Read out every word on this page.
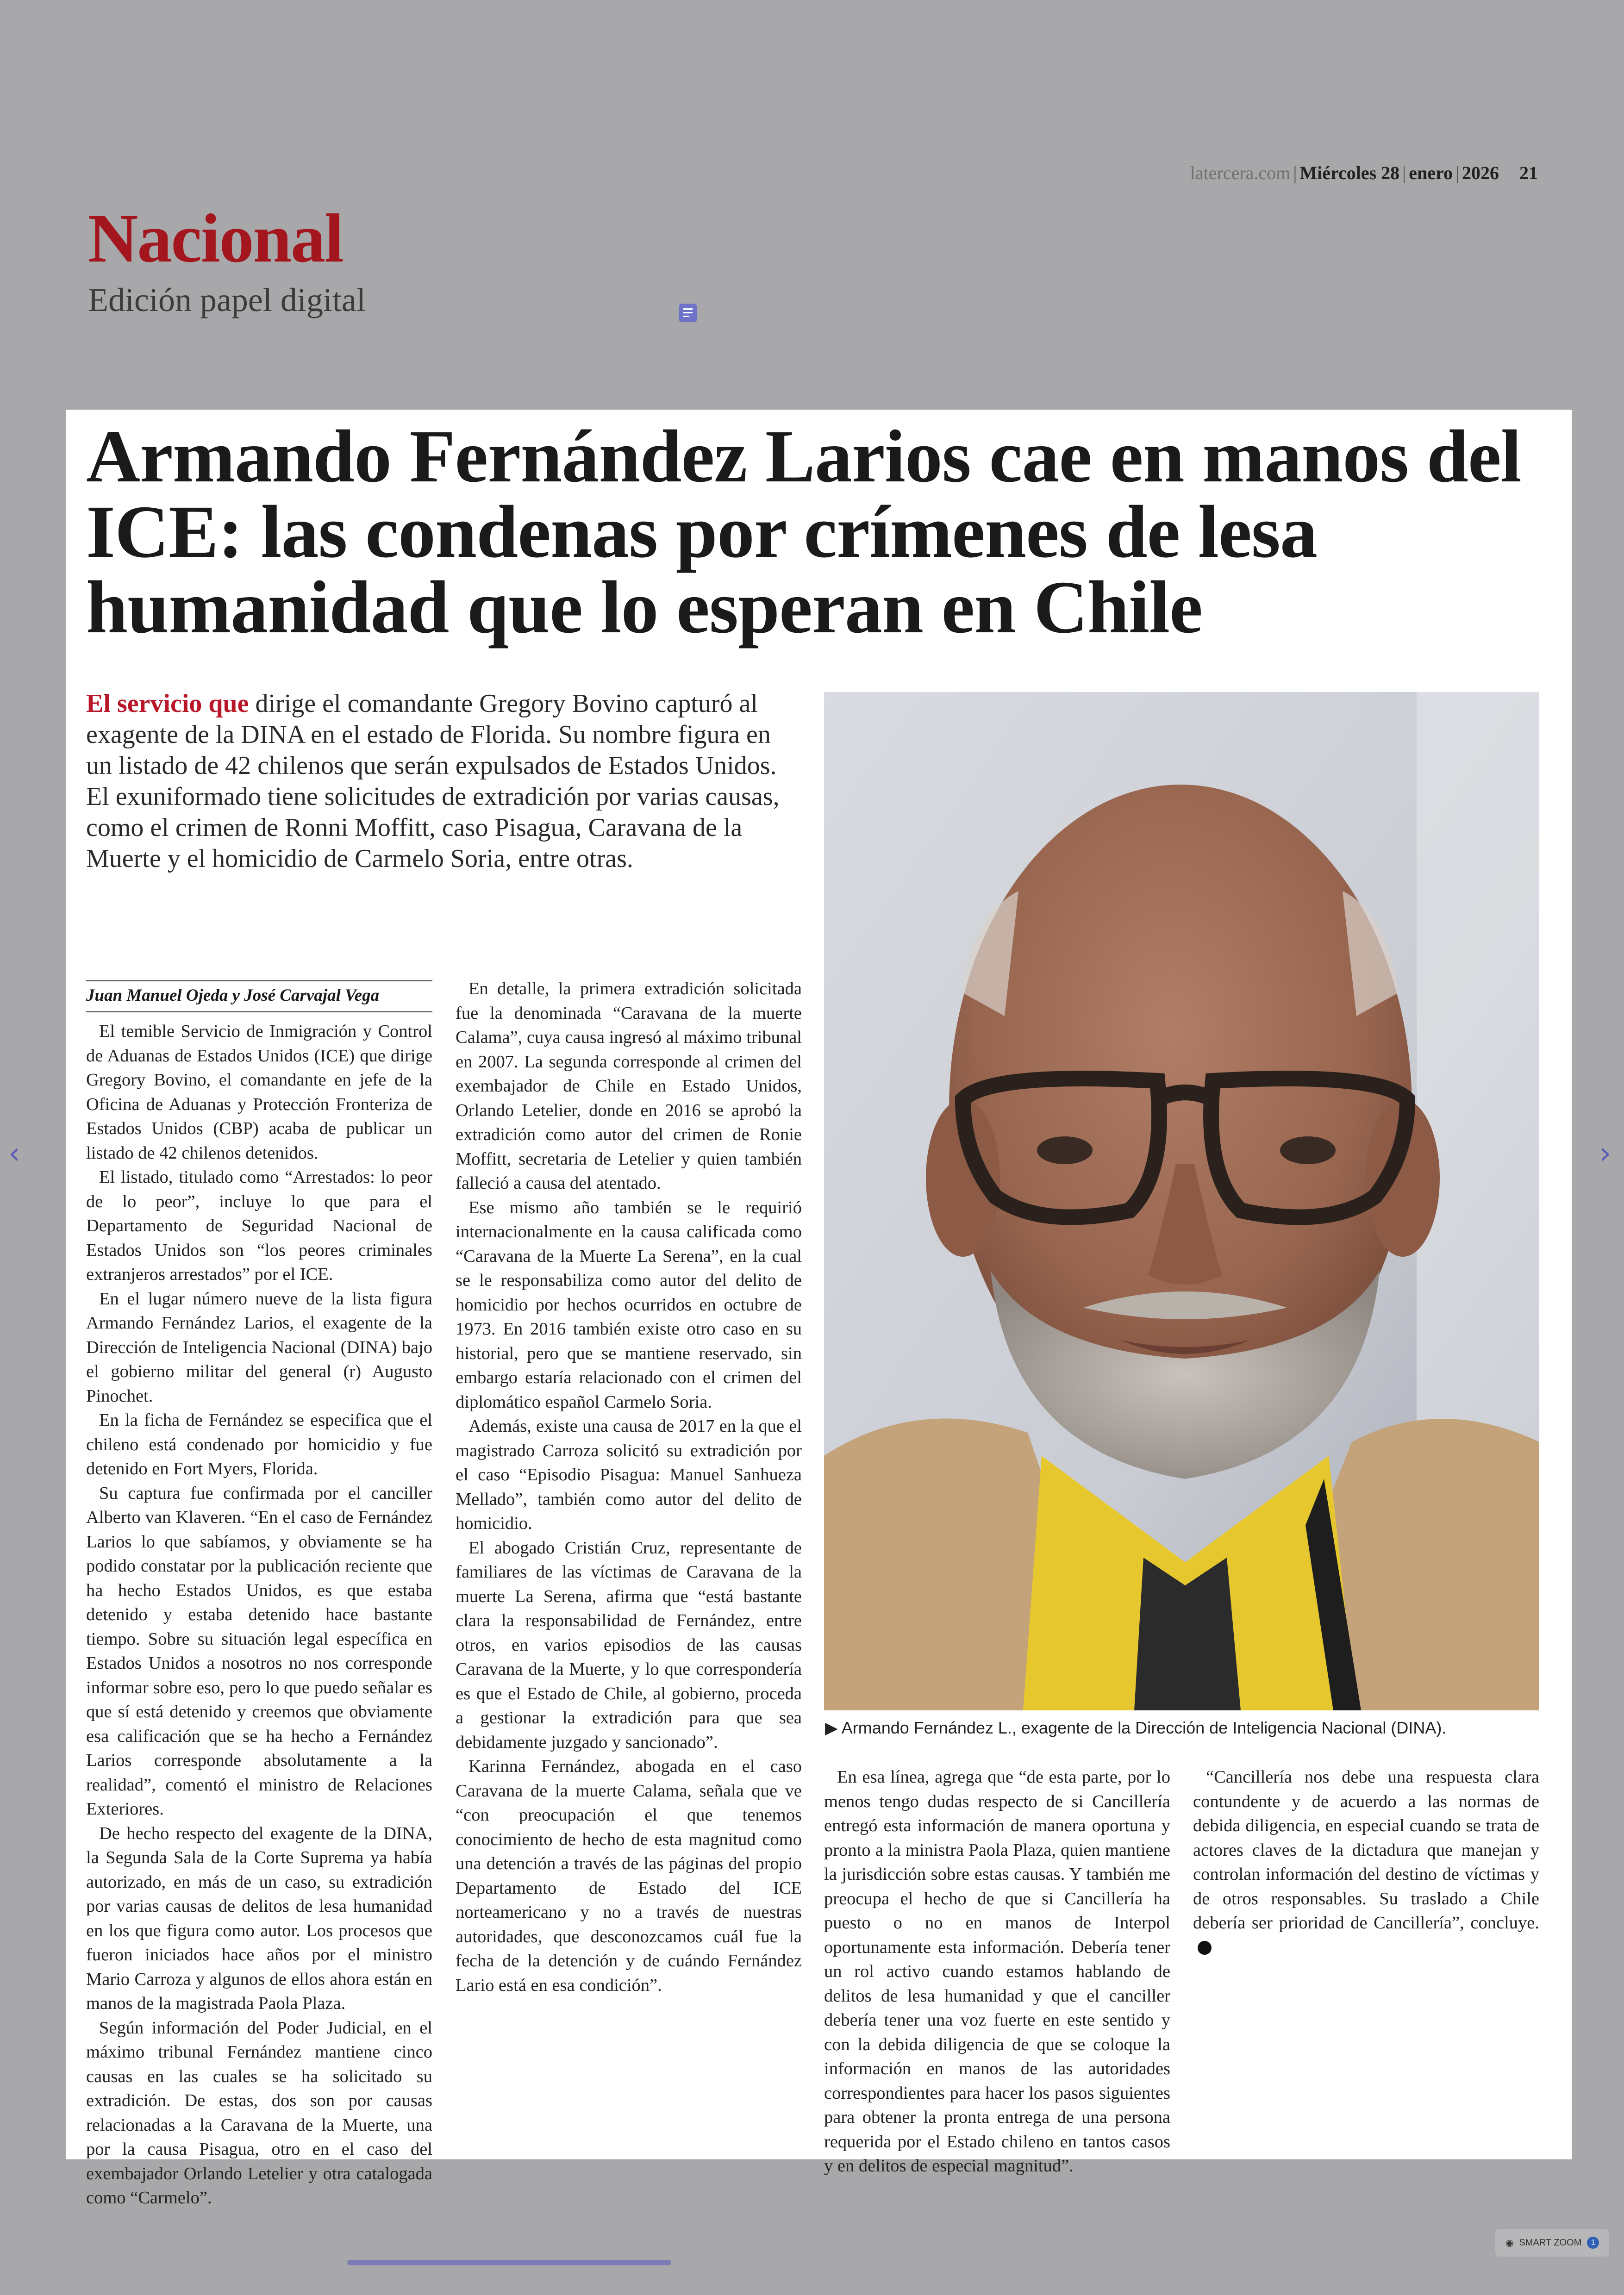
Nacional
Edición papel digital
latercera.com | Miércoles 28 | enero | 2026 21
Armando Fernández Larios cae en manos del ICE: las condenas por crímenes de lesa humanidad que lo esperan en Chile

El servicio que dirige el comandante Gregory Bovino capturó al exagente de la DINA en el estado de Florida. Su nombre figura en un listado de 42 chilenos que serán expulsados de Estados Unidos. El exuniformado tiene solicitudes de extradición por varias causas, como el crimen de Ronni Moffitt, caso Pisagua, Caravana de la Muerte y el homicidio de Carmelo Soria, entre otras.

▶ Armando Fernández L., exagente de la Dirección de Inteligencia Nacional (DINA).
Juan Manuel Ojeda y José Carvajal Vega

El temible Servicio de Inmigración y Control de Aduanas de Estados Unidos (ICE) que dirige Gregory Bovino, el comandante en jefe de la Oficina de Aduanas y Protección Fronteriza de Estados Unidos (CBP) acaba de publicar un listado de 42 chilenos detenidos.

El listado, titulado como “Arrestados: lo peor de lo peor”, incluye lo que para el Departamento de Seguridad Nacional de Estados Unidos son “los peores criminales extranjeros arrestados” por el ICE.

En el lugar número nueve de la lista figura Armando Fernández Larios, el exagente de la Dirección de Inteligencia Nacional (DINA) bajo el gobierno militar del general (r) Augusto Pinochet.

En la ficha de Fernández se especifica que el chileno está condenado por homicidio y fue detenido en Fort Myers, Florida.

Su captura fue confirmada por el canciller Alberto van Klaveren. “En el caso de Fernández Larios lo que sabíamos, y obviamente se ha podido constatar por la publicación reciente que ha hecho Estados Unidos, es que estaba detenido y estaba detenido hace bastante tiempo. Sobre su situación legal específica en Estados Unidos a nosotros no nos corresponde informar sobre eso, pero lo que puedo señalar es que sí está detenido y creemos que obviamente esa calificación que se ha hecho a Fernández Larios corresponde absolutamente a la realidad”, comentó el ministro de Relaciones Exteriores.

De hecho respecto del exagente de la DINA, la Segunda Sala de la Corte Suprema ya había autorizado, en más de un caso, su extradición por varias causas de delitos de lesa humanidad en los que figura como autor. Los procesos que fueron iniciados hace años por el ministro Mario Carroza y algunos de ellos ahora están en manos de la magistrada Paola Plaza.

Según información del Poder Judicial, en el máximo tribunal Fernández mantiene cinco causas en las cuales se ha solicitado su extradición. De estas, dos son por causas relacionadas a la Caravana de la Muerte, una por la causa Pisagua, otro en el caso del exembajador Orlando Letelier y otra catalogada como “Carmelo”.

En detalle, la primera extradición solicitada fue la denominada “Caravana de la muerte Calama”, cuya causa ingresó al máximo tribunal en 2007. La segunda corresponde al crimen del exembajador de Chile en Estado Unidos, Orlando Letelier, donde en 2016 se aprobó la extradición como autor del crimen de Ronie Moffitt, secretaria de Letelier y quien también falleció a causa del atentado.

Ese mismo año también se le requirió internacionalmente en la causa calificada como “Caravana de la Muerte La Serena”, en la cual se le responsabiliza como autor del delito de homicidio por hechos ocurridos en octubre de 1973. En 2016 también existe otro caso en su historial, pero que se mantiene reservado, sin embargo estaría relacionado con el crimen del diplomático español Carmelo Soria.

Además, existe una causa de 2017 en la que el magistrado Carroza solicitó su extradición por el caso “Episodio Pisagua: Manuel Sanhueza Mellado”, también como autor del delito de homicidio.

El abogado Cristián Cruz, representante de familiares de las víctimas de Caravana de la muerte La Serena, afirma que “está bastante clara la responsabilidad de Fernández, entre otros, en varios episodios de las causas Caravana de la Muerte, y lo que correspondería es que el Estado de Chile, al gobierno, proceda a gestionar la extradición para que sea debidamente juzgado y sancionado”.

Karinna Fernández, abogada en el caso Caravana de la muerte Calama, señala que ve “con preocupación el que tenemos conocimiento de hecho de esta magnitud como una detención a través de las páginas del propio Departamento de Estado del ICE norteamericano y no a través de nuestras autoridades, que desconozcamos cuál fue la fecha de la detención y de cuándo Fernández Lario está en esa condición”.

En esa línea, agrega que “de esta parte, por lo menos tengo dudas respecto de si Cancillería entregó esta información de manera oportuna y pronto a la ministra Paola Plaza, quien mantiene la jurisdicción sobre estas causas. Y también me preocupa el hecho de que si Cancillería ha puesto o no en manos de Interpol oportunamente esta información. Debería tener un rol activo cuando estamos hablando de delitos de lesa humanidad y que el canciller debería tener una voz fuerte en este sentido y con la debida diligencia de que se coloque la información en manos de las autoridades correspondientes para hacer los pasos siguientes para obtener la pronta entrega de una persona requerida por el Estado chileno en tantos casos y en delitos de especial magnitud”.

“Cancillería nos debe una respuesta clara contundente y de acuerdo a las normas de debida diligencia, en especial cuando se trata de actores claves de la dictadura que manejan y controlan información del destino de víctimas y de otros responsables. Su traslado a Chile debería ser prioridad de Cancillería”, concluye.

‹	›
◉ SMART ZOOM	1
